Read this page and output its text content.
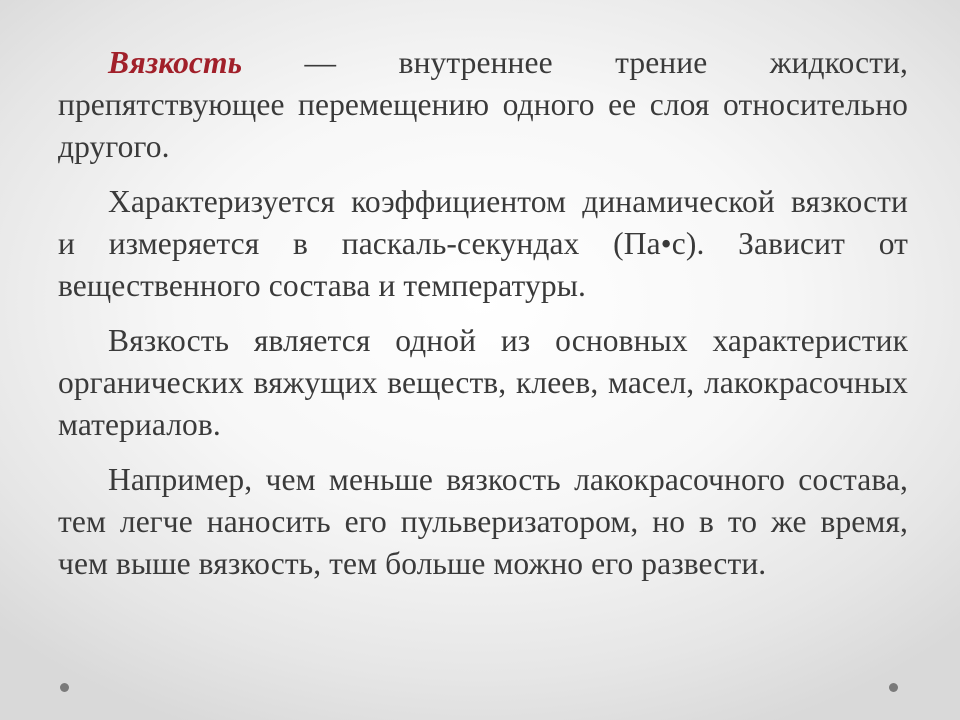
Вязкость — внутреннее трение жидкости, препятствующее перемещению одного ее слоя относительно другого.

Характеризуется коэффициентом динамической вязкости и измеряется в паскаль-секундах (Па•с). Зависит от вещественного состава и температуры.

Вязкость является одной из основных характеристик органических вяжущих веществ, клеев, масел, лакокрасочных материалов.

Например, чем меньше вязкость лакокрасочного состава, тем легче наносить его пульверизатором, но в то же время, чем выше вязкость, тем больше можно его развести.
